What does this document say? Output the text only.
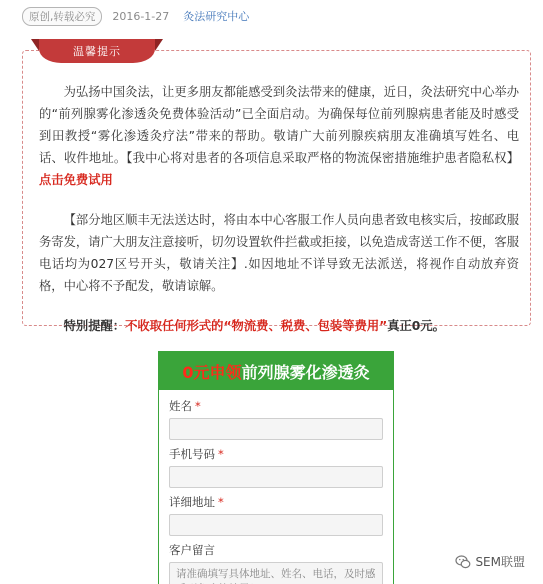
原创,转载必究	2016-1-27 灸法研究中心
温馨提示

为弘扬中国灸法，让更多朋友都能感受到灸法带来的健康，近日，灸法研究中心举办的“前列腺雾化渗透灸免费体验活动”已全面启动。为确保每位前列腺病患者能及时感受到田教授“雾化渗透灸疗法”带来的帮助。敬请广大前列腺疾病朋友准确填写姓名、电话、收件地址。【我中心将对患者的各项信息采取严格的物流保密措施维护患者隐私权】点击免费试用

【部分地区顺丰无法送达时，将由本中心客服工作人员向患者致电核实后，按邮政服务寄发，请广大朋友注意接听，切勿设置软件拦截或拒接，以免造成寄送工作不便，客服电话均为027区号开头，敬请关注】.如因地址不详导致无法派送，将视作自动放弃资格，中心将不予配发，敬请谅解。

特别提醒：不收取任何形式的“物流费、税费、包装等费用”真正0元。

0元申领 前列腺雾化渗透灸
姓名 *
手机号码 *
详细地址 *
客户留言
请准确填写具体地址、姓名、电话，及时感受到灸疗的效果！
SEM联盟
